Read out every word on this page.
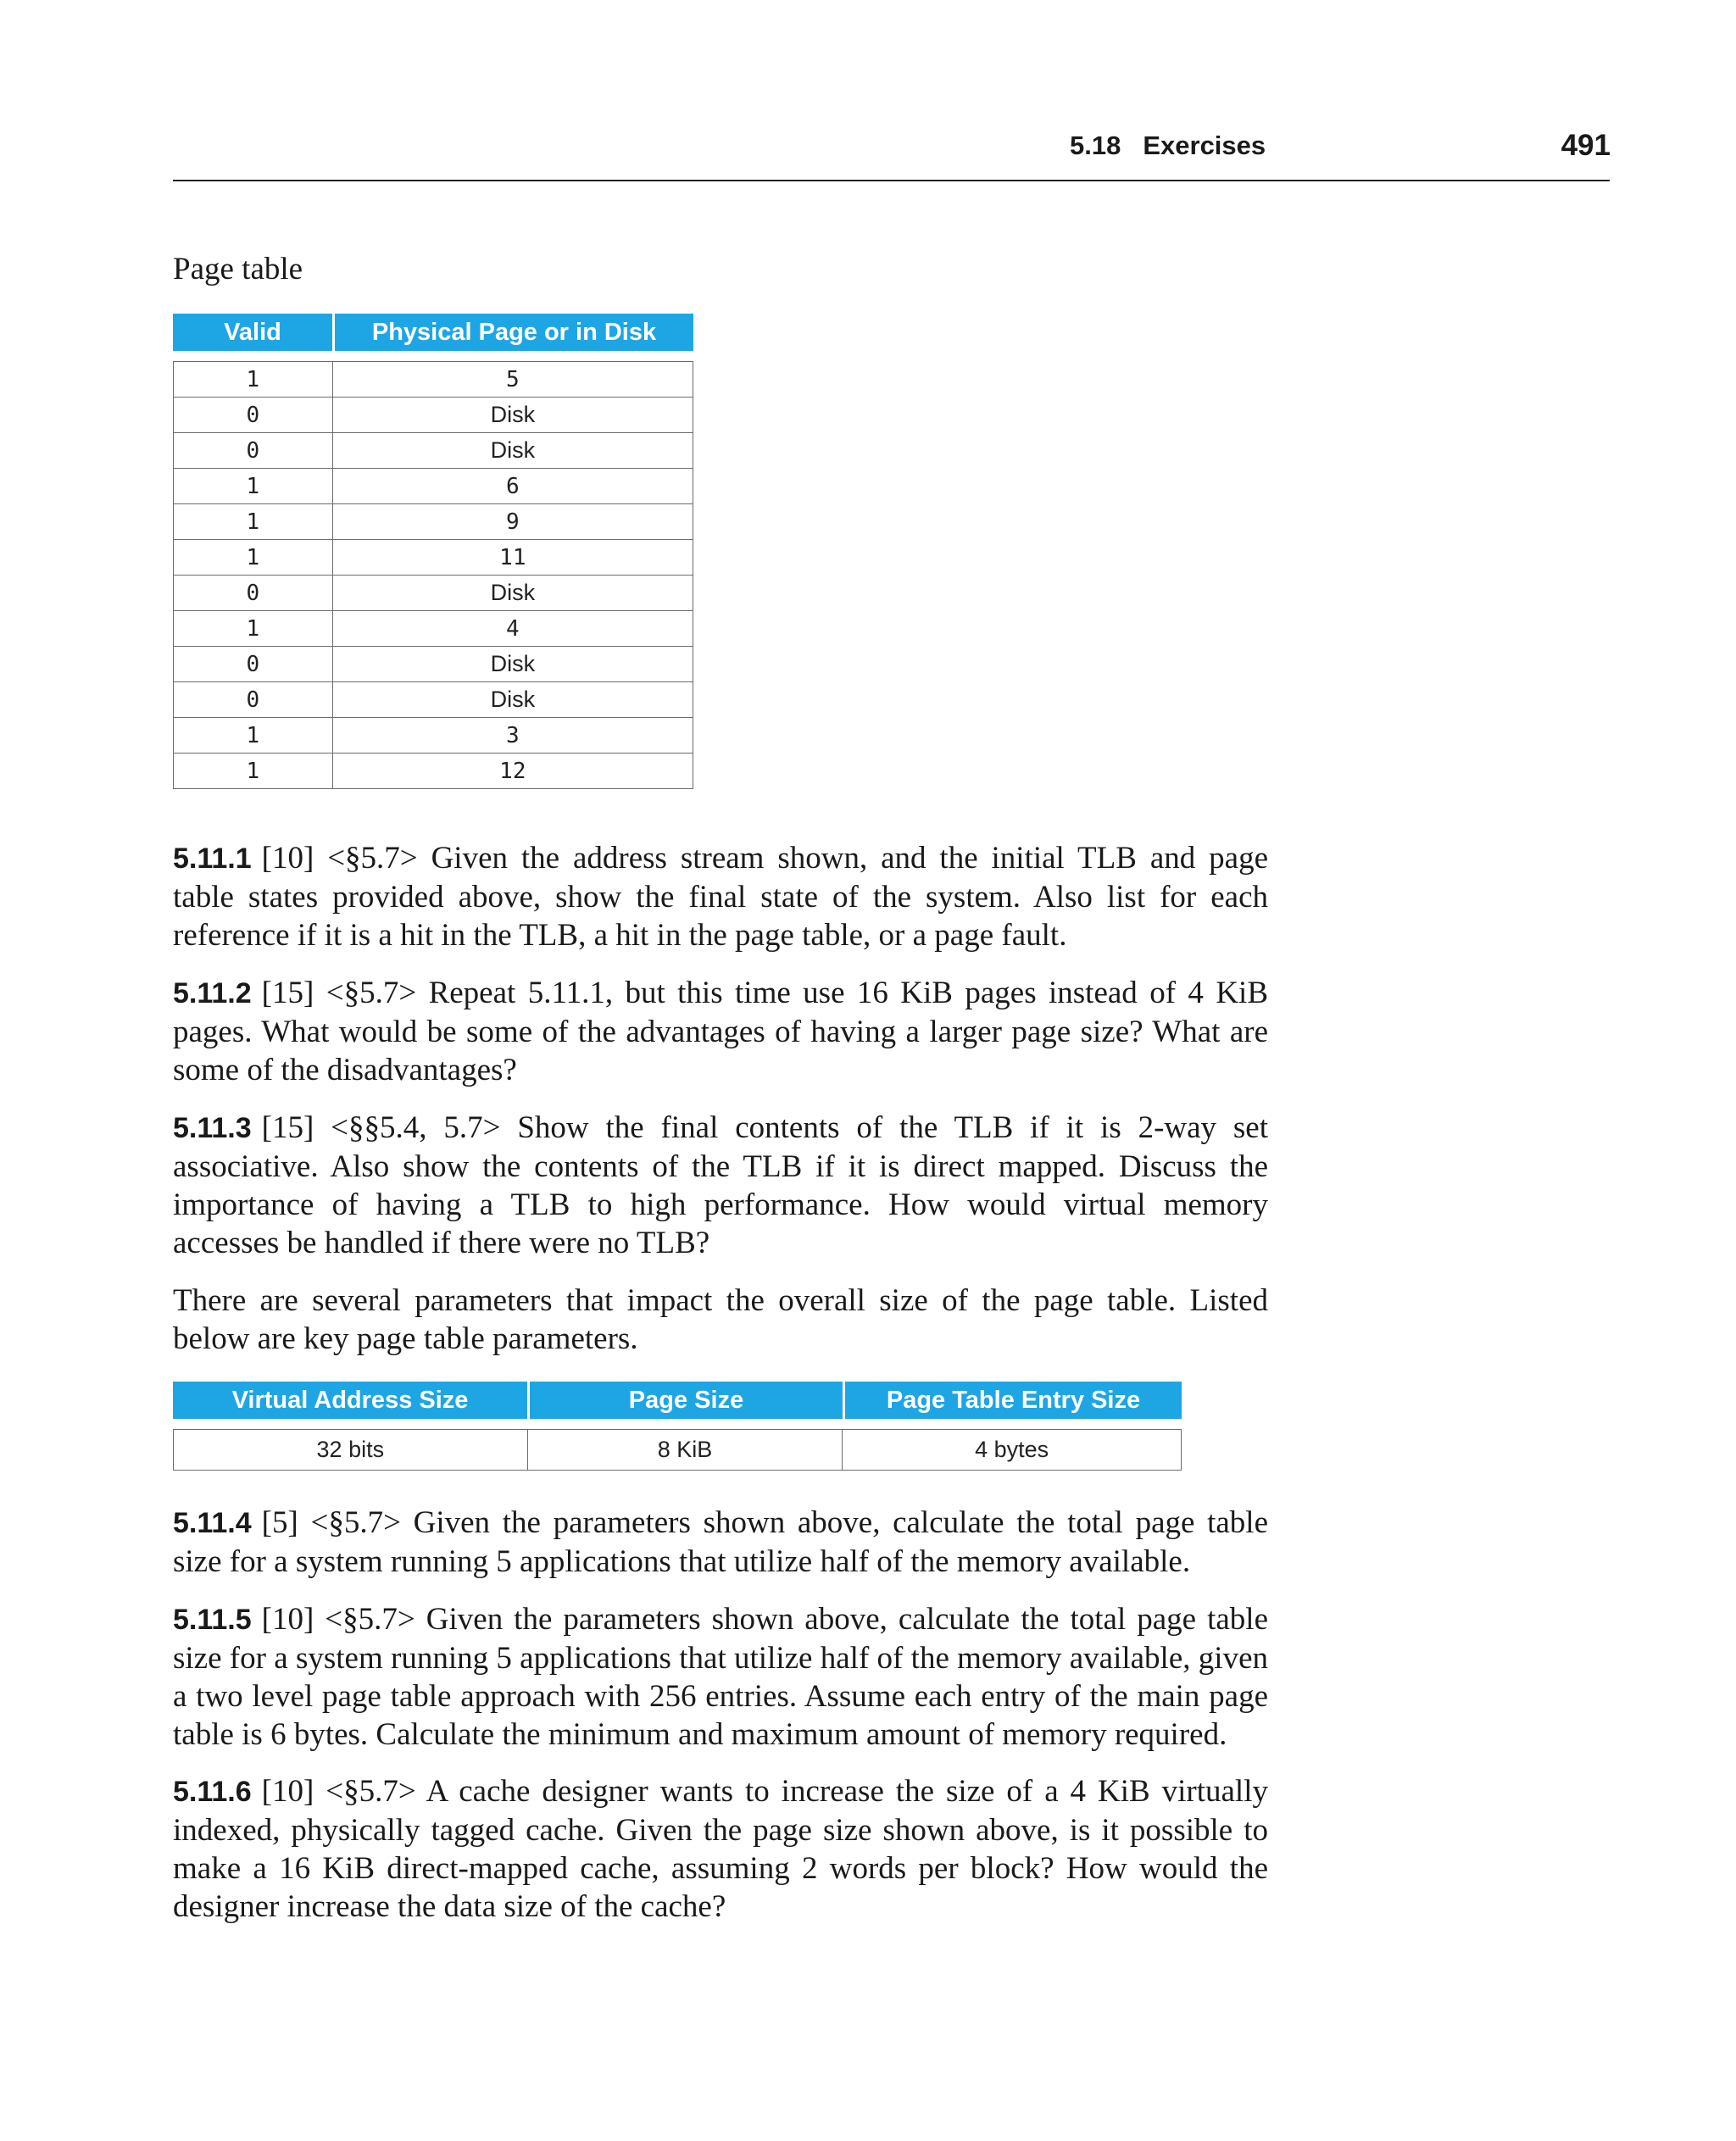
5.18 Exercises	491
Page table
Valid	Physical Page or in Disk
1	5
0	Disk
0	Disk
1	6
1	9
1	11
0	Disk
1	4
0	Disk
0	Disk
1	3
1	12
5.11.1 [10] <§5.7> Given the address stream shown, and the initial TLB and page table states provided above, show the final state of the system. Also list for each reference if it is a hit in the TLB, a hit in the page table, or a page fault.
5.11.2 [15] <§5.7> Repeat 5.11.1, but this time use 16 KiB pages instead of 4 KiB pages. What would be some of the advantages of having a larger page size? What are some of the disadvantages?
5.11.3 [15] <§§5.4, 5.7> Show the final contents of the TLB if it is 2-way set associative. Also show the contents of the TLB if it is direct mapped. Discuss the importance of having a TLB to high performance. How would virtual memory accesses be handled if there were no TLB?
There are several parameters that impact the overall size of the page table. Listed below are key page table parameters.
Virtual Address Size	Page Size	Page Table Entry Size
32 bits	8 KiB	4 bytes
5.11.4 [5] <§5.7> Given the parameters shown above, calculate the total page table size for a system running 5 applications that utilize half of the memory available.
5.11.5 [10] <§5.7> Given the parameters shown above, calculate the total page table size for a system running 5 applications that utilize half of the memory available, given a two level page table approach with 256 entries. Assume each entry of the main page table is 6 bytes. Calculate the minimum and maximum amount of memory required.
5.11.6 [10] <§5.7> A cache designer wants to increase the size of a 4 KiB virtually indexed, physically tagged cache. Given the page size shown above, is it possible to make a 16 KiB direct-mapped cache, assuming 2 words per block? How would the designer increase the data size of the cache?
